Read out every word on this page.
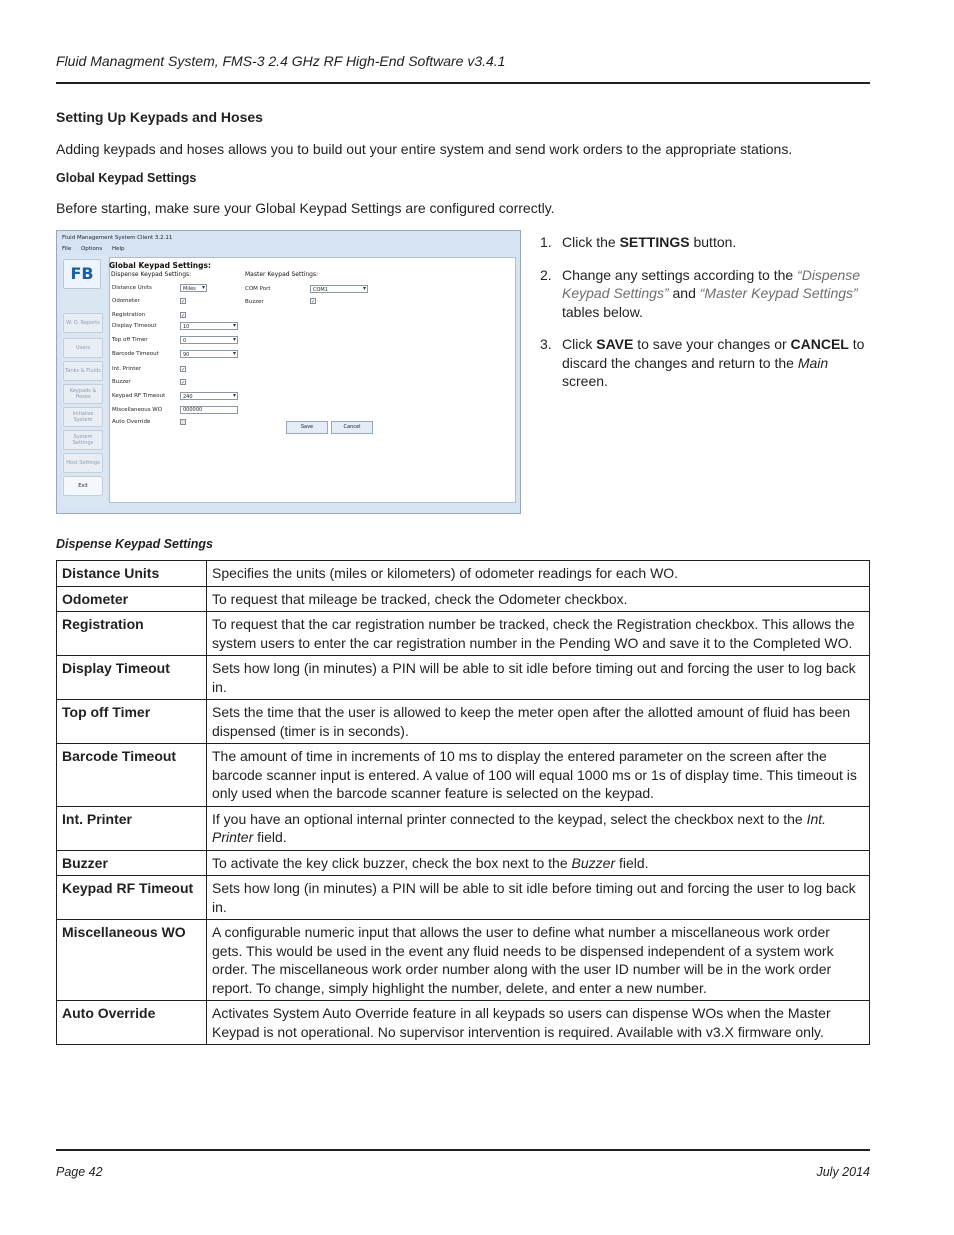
Fluid Managment System, FMS-3 2.4 GHz RF High-End Software v3.4.1
Setting Up Keypads and Hoses
Adding keypads and hoses allows you to build out your entire system and send work orders to the appropriate stations.
Global Keypad Settings
Before starting, make sure your Global Keypad Settings are configured correctly.
Fluid Management System Client 3.2.11
File Options Help
FB
W. O. Reports
Users
Tanks & Fluids
Keypads & Hoses
Initialize System
System Settings
Host Settings
Exit
Global Keypad Settings:
Dispense Keypad Settings:	Master Keypad Settings:
Distance Units	Miles ▾
Odometer	✓
Registration	✓
Display Timeout	10 ▾
Top off Timer	0 ▾
Barcode Timeout	90 ▾
Int. Printer	✓
Buzzer	✓
Keypad RF Timeout	240 ▾
Miscellaneous WO	000000
Auto Override
COM Port	COM1 ▾
Buzzer	✓
Save	Cancel
1. Click the SETTINGS button.
2. Change any settings according to the “Dispense Keypad Settings” and “Master Keypad Settings” tables below.
3. Click SAVE to save your changes or CANCEL to discard the changes and return to the Main screen.
Dispense Keypad Settings
Distance Units	Specifies the units (miles or kilometers) of odometer readings for each WO.
Odometer	To request that mileage be tracked, check the Odometer checkbox.
Registration	To request that the car registration number be tracked, check the Registration checkbox. This allows the system users to enter the car registration number in the Pending WO and save it to the Completed WO.
Display Timeout	Sets how long (in minutes) a PIN will be able to sit idle before timing out and forcing the user to log back in.
Top off Timer	Sets the time that the user is allowed to keep the meter open after the allotted amount of fluid has been dispensed (timer is in seconds).
Barcode Timeout	The amount of time in increments of 10 ms to display the entered parameter on the screen after the barcode scanner input is entered. A value of 100 will equal 1000 ms or 1s of display time. This timeout is only used when the barcode scanner feature is selected on the keypad.
Int. Printer	If you have an optional internal printer connected to the keypad, select the checkbox next to the Int. Printer field.
Buzzer	To activate the key click buzzer, check the box next to the Buzzer field.
Keypad RF Timeout	Sets how long (in minutes) a PIN will be able to sit idle before timing out and forcing the user to log back in.
Miscellaneous WO	A configurable numeric input that allows the user to define what number a miscellaneous work order gets. This would be used in the event any fluid needs to be dispensed independent of a system work order. The miscellaneous work order number along with the user ID number will be in the work order report. To change, simply highlight the number, delete, and enter a new number.
Auto Override	Activates System Auto Override feature in all keypads so users can dispense WOs when the Master Keypad is not operational. No supervisor intervention is required. Available with v3.X firmware only.
Page 42	July 2014
